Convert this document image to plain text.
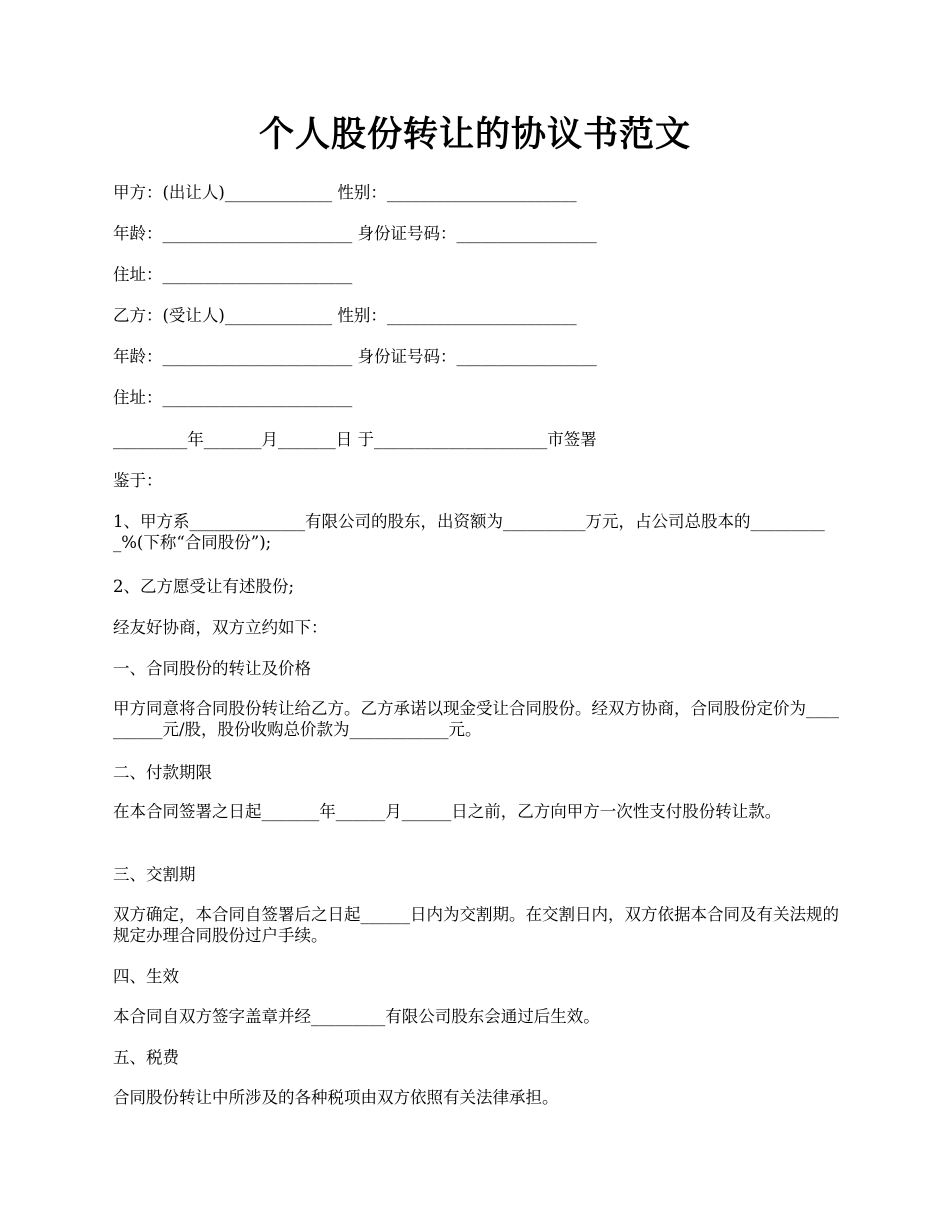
个人股份转让的协议书范文
甲方：(出让人)_____________ 性别：_______________________
年龄：_______________________ 身份证号码：_________________
住址：_______________________
乙方：(受让人)_____________ 性别：_______________________
年龄：_______________________ 身份证号码：_________________
住址：_______________________
_________年_______月_______日 于_____________________市签署
鉴于：
1、甲方系______________有限公司的股东，出资额为__________万元，占公司总股本的__________%(下称“合同股份”);
2、乙方愿受让有述股份;
经友好协商，双方立约如下：
一、合同股份的转让及价格
甲方同意将合同股份转让给乙方。乙方承诺以现金受让合同股份。经双方协商，合同股份定价为__________元/股，股份收购总价款为____________元。
二、付款期限
在本合同签署之日起_______年______月______日之前，乙方向甲方一次性支付股份转让款。
三、交割期
双方确定，本合同自签署后之日起______日内为交割期。在交割日内，双方依据本合同及有关法规的规定办理合同股份过户手续。
四、生效
本合同自双方签字盖章并经_________有限公司股东会通过后生效。
五、税费
合同股份转让中所涉及的各种税项由双方依照有关法律承担。
